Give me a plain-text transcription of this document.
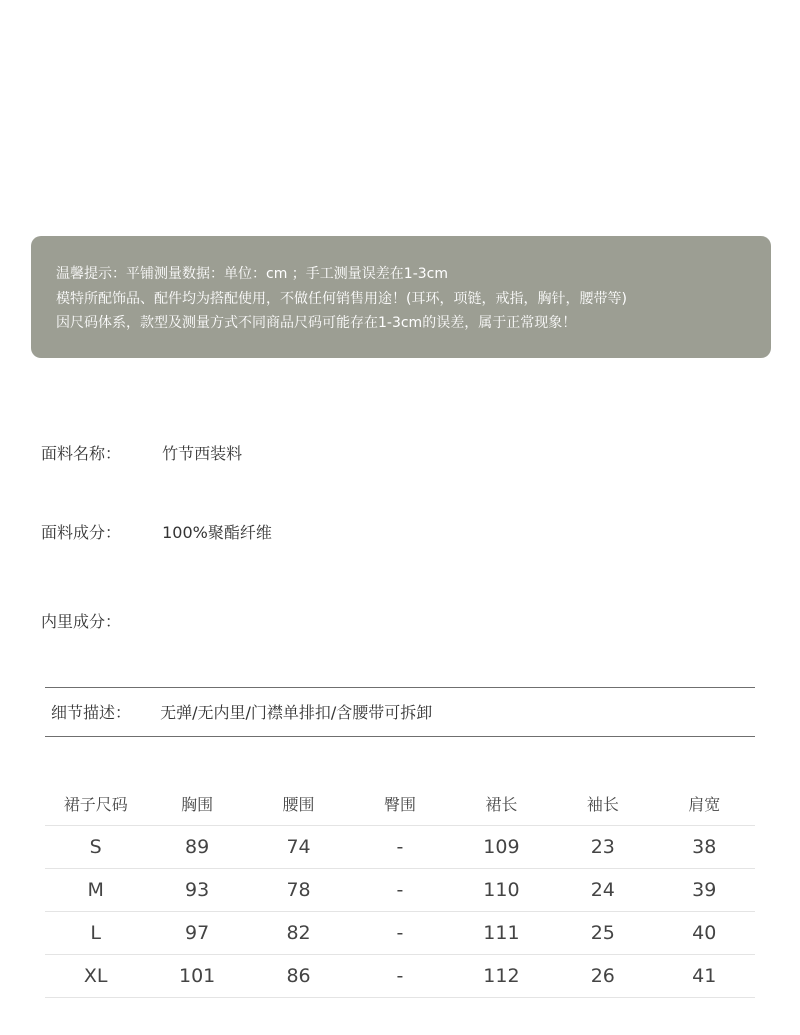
温馨提示：平铺测量数据：单位：cm ；手工测量误差在1-3cm
模特所配饰品、配件均为搭配使用，不做任何销售用途！(耳环，项链，戒指，胸针，腰带等)
因尺码体系，款型及测量方式不同商品尺码可能存在1-3cm的误差，属于正常现象！
面料名称：	竹节西装料
面料成分：	100%聚酯纤维
内里成分：
细节描述： 无弹/无内里/门襟单排扣/含腰带可拆卸
裙子尺码	胸围	腰围	臀围	裙长	袖长	肩宽
S	89	74	-	109	23	38
M	93	78	-	110	24	39
L	97	82	-	111	25	40
XL	101	86	-	112	26	41
